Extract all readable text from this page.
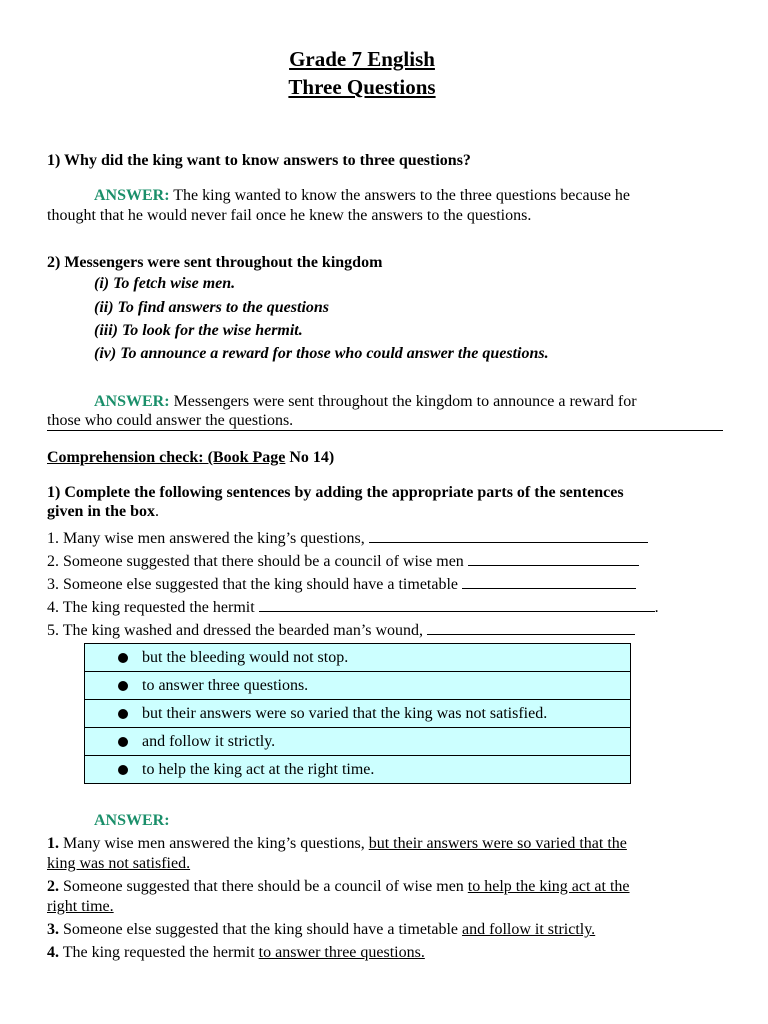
Grade 7 English
Three Questions
1) Why did the king want to know answers to three questions?
ANSWER: The king wanted to know the answers to the three questions because he
thought that he would never fail once he knew the answers to the questions.
2) Messengers were sent throughout the kingdom
(i) To fetch wise men.
(ii) To find answers to the questions
(iii) To look for the wise hermit.
(iv) To announce a reward for those who could answer the questions.
ANSWER: Messengers were sent throughout the kingdom to announce a reward for
those who could answer the questions.
Comprehension check: (Book Page No 14)
1) Complete the following sentences by adding the appropriate parts of the sentences
given in the box.
1. Many wise men answered the king’s questions,
2. Someone suggested that there should be a council of wise men
3. Someone else suggested that the king should have a timetable
4. The king requested the hermit	.
5. The king washed and dressed the bearded man’s wound,
but the bleeding would not stop.
to answer three questions.
but their answers were so varied that the king was not satisfied.
and follow it strictly.
to help the king act at the right time.
ANSWER:
1. Many wise men answered the king’s questions, but their answers were so varied that the
king was not satisfied.
2. Someone suggested that there should be a council of wise men to help the king act at the
right time.
3. Someone else suggested that the king should have a timetable and follow it strictly.
4. The king requested the hermit to answer three questions.
